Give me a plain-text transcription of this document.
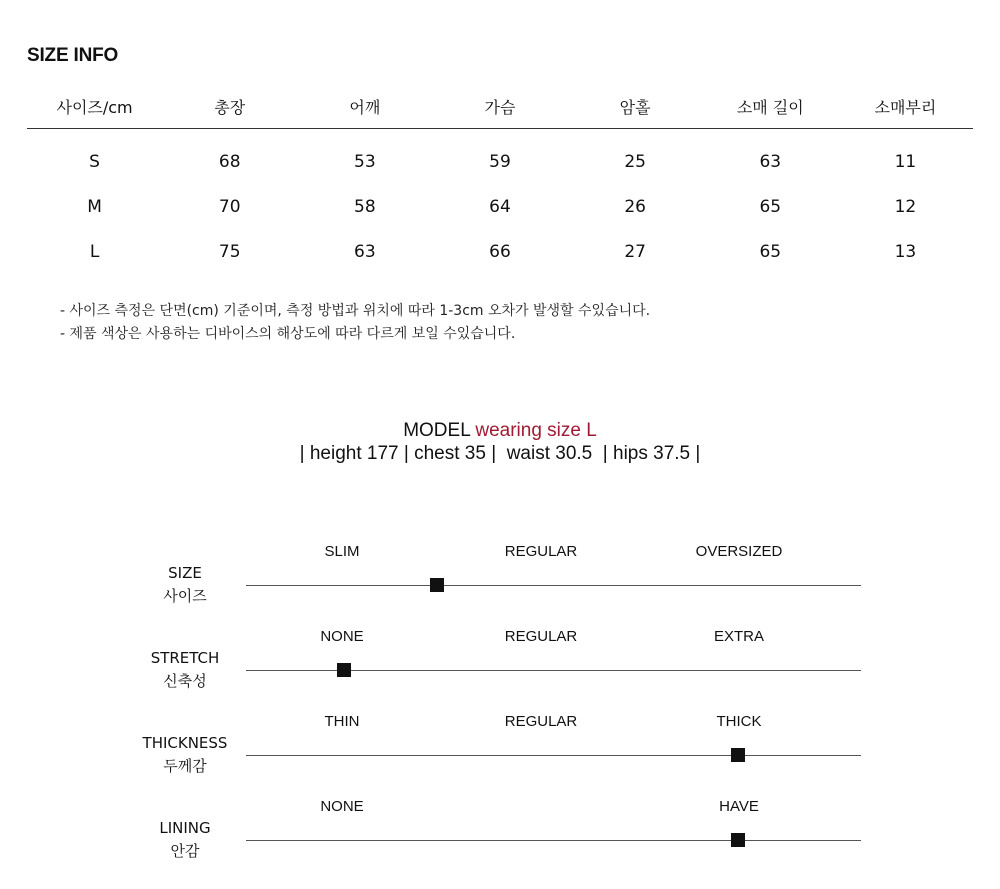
SIZE INFO
사이즈/cm	총장	어깨	가슴	암홀	소매 길이	소매부리
S	68	53	59	25	63	11
M	70	58	64	26	65	12
L	75	63	66	27	65	13
- 사이즈 측정은 단면(cm) 기준이며, 측정 방법과 위치에 따라 1-3cm 오차가 발생할 수있습니다.
- 제품 색상은 사용하는 디바이스의 해상도에 따라 다르게 보일 수있습니다.
MODEL wearing size L
| height 177 | chest 35 |  waist 30.5  | hips 37.5 |
SIZE
사이즈
SLIM	REGULAR	OVERSIZED
STRETCH
신축성
NONE	REGULAR	EXTRA
THICKNESS
두께감
THIN	REGULAR	THICK
LINING
안감
NONE	HAVE
